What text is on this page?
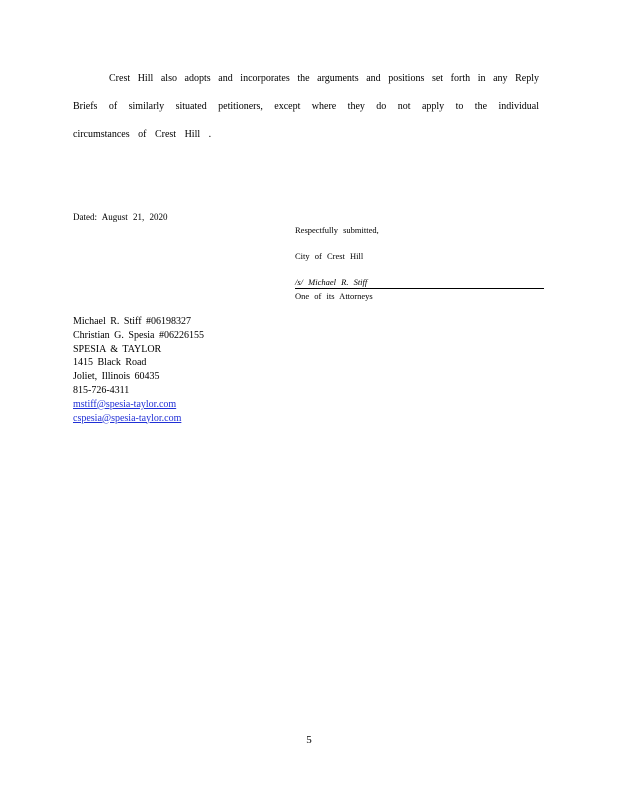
Crest Hill also adopts and incorporates the arguments and positions set forth in any Reply
Briefs of similarly situated petitioners, except where they do not apply to the individual
circumstances of Crest Hill .
Dated: August 21, 2020
Respectfully submitted,
City of Crest Hill
/s/ Michael R. Stiff
One of its Attorneys
Michael R. Stiff #06198327
Christian G. Spesia #06226155
SPESIA & TAYLOR
1415 Black Road
Joliet, Illinois 60435
815-726-4311
mstiff@spesia-taylor.com
cspesia@spesia-taylor.com
5
